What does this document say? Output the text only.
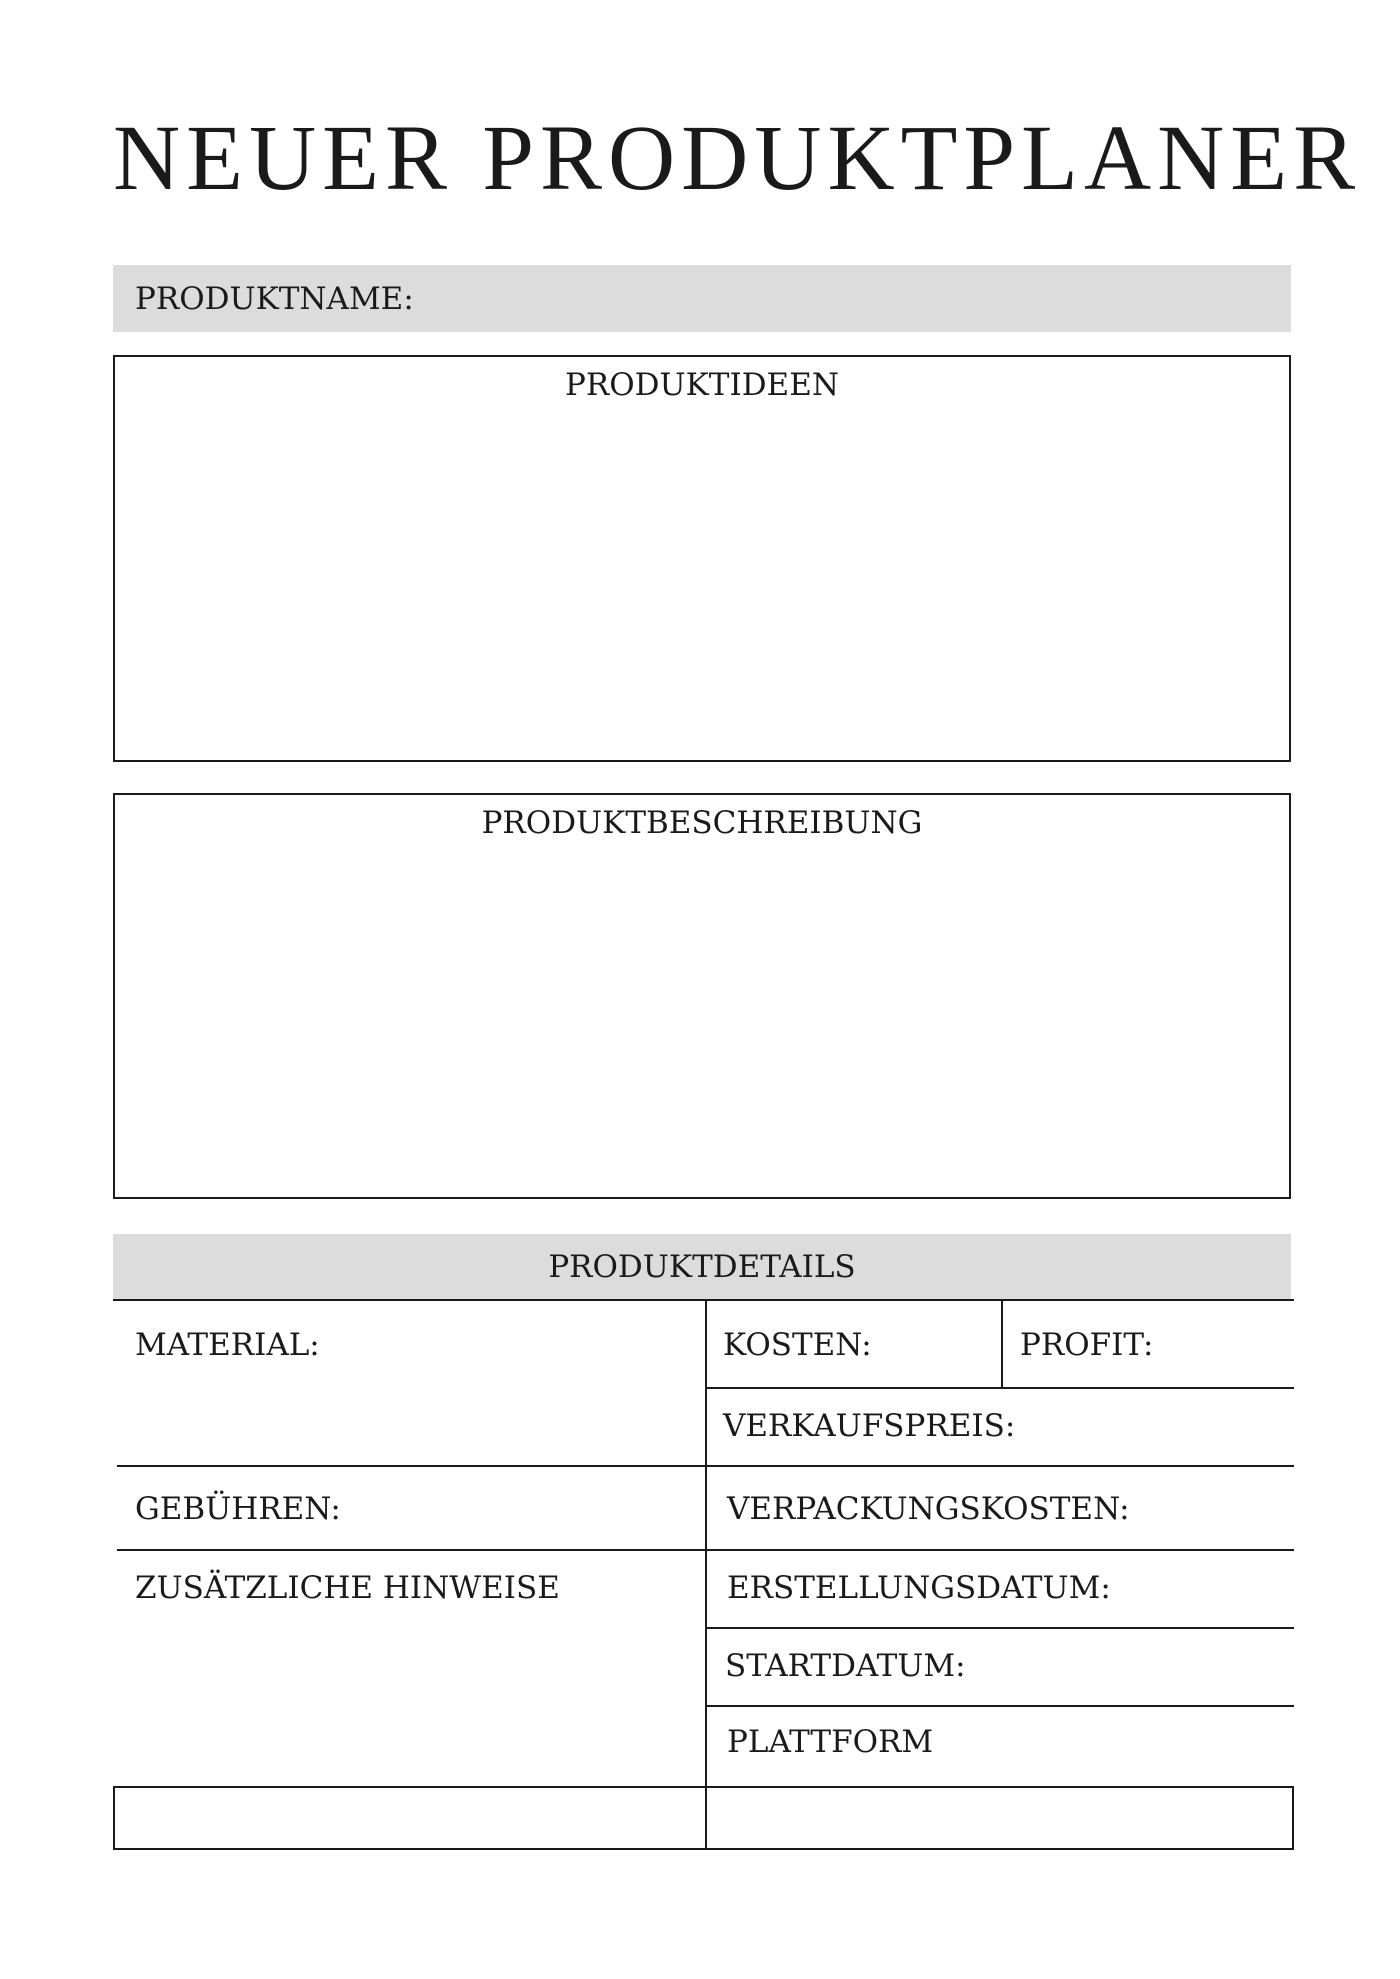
NEUER PRODUKTPLANER
PRODUKTNAME:
PRODUKTIDEEN
PRODUKTBESCHREIBUNG
PRODUKTDETAILS
MATERIAL:	KOSTEN:	PROFIT:
VERKAUFSPREIS:
GEBÜHREN:	VERPACKUNGSKOSTEN:
ZUSÄTZLICHE HINWEISE	ERSTELLUNGSDATUM:
STARTDATUM:
PLATTFORM
